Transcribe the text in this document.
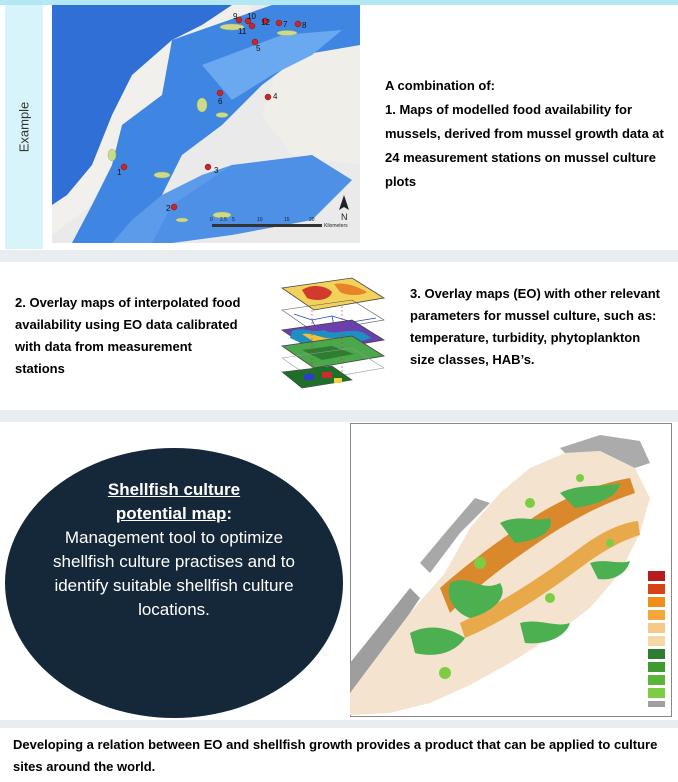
Example
1
2
3
4
5
6
7 8
9 10
11
12
0 2.5 5	10	15	20
Kilometers
N

A combination of:

1. Maps of modelled food availability for mussels, derived from mussel growth data at 24 measurement stations on mussel culture plots

2. Overlay maps of interpolated food availability using EO data calibrated with data from measurement stations
3. Overlay maps (EO) with other relevant parameters for mussel culture, such as: temperature, turbidity, phytoplankton size classes, HAB’s.
Shellfish culture
potential map:
Management tool to optimize shellfish culture practises and to identify suitable shellfish culture locations.
Developing a relation between EO and shellfish growth provides a product that can be applied to culture sites around the world.
